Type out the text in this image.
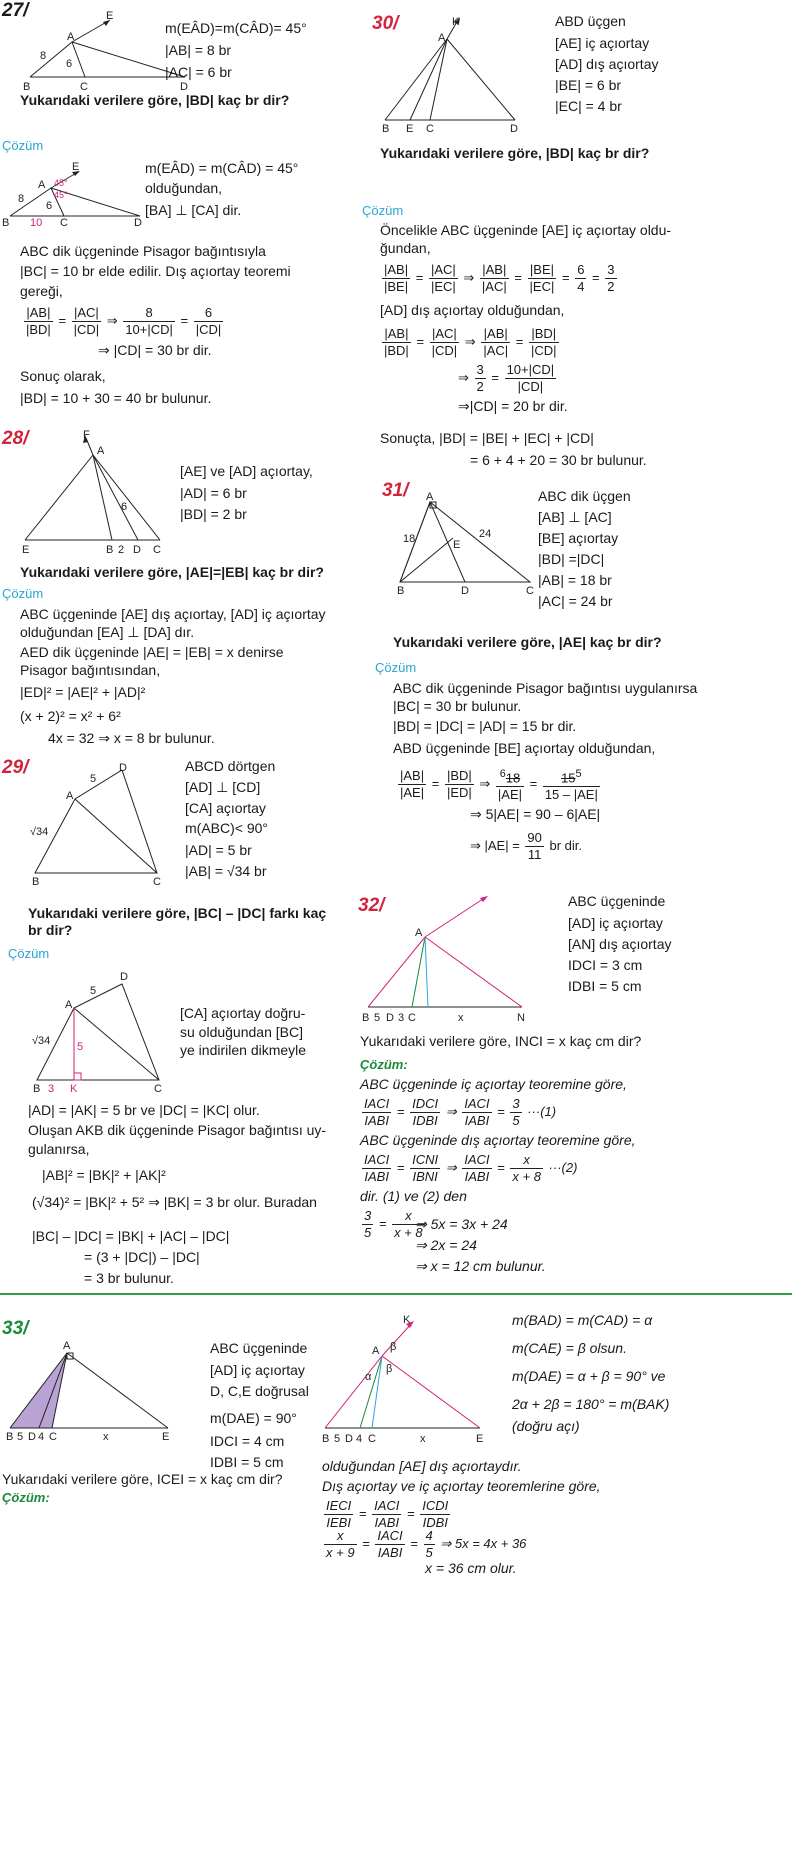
27/
A
B	C	D
E
8
6
m(EÂD)=m(CÂD)= 45°
|AB| = 8 br
|AC| = 6 br
Yukarıdaki verilere göre, |BD| kaç br dir?
Çözüm
A
B	C	D
E
8
6
10
45°
45°
m(EÂD) = m(CÂD) = 45°
olduğundan,
[BA] ⊥ [CA] dir.
ABC dik üçgeninde Pisagor bağıntısıyla
|BC| = 10 br elde edilir. Dış açıortay teoremi
gereği,
$\frac{|AB|}{|BD|} = \frac{|AC|}{|CD|}$ ⇒ $\frac{8}{10+|CD|} = \frac{6}{|CD|}$
⇒ |CD| = 30 br dir.
Sonuç olarak,
|BD| = 10 + 30 = 40 br bulunur.
28/	F
A
E	B 2 D C
6
[AE] ve [AD] açıortay,
|AD| = 6 br
|BD| = 2 br
Yukarıdaki verilere göre, |AE|=|EB| kaç br dir?
Çözüm
ABC üçgeninde [AE] dış açıortay, [AD] iç açıortay
olduğundan [EA] ⊥ [DA] dır.
AED dik üçgeninde |AE| = |EB| = x denirse
Pisagor bağıntısından,
|ED|² = |AE|² + |AD|²
(x + 2)² = x² + 6²
4x = 32 ⇒ x = 8 br bulunur.
29/
A
B	C
D
5
√34
ABCD dörtgen
[AD] ⊥ [CD]
[CA] açıortay
m(ABC)< 90°
|AD| = 5 br
|AB| = √34 br
Yukarıdaki verilere göre, |BC| – |DC| farkı kaç
br dir?
Çözüm
A
B	C
D
K
5
5
3
√34
[CA] açıortay doğru-
su olduğundan [BC]
ye indirilen dikmeyle
|AD| = |AK| = 5 br ve |DC| = |KC| olur.
Oluşan AKB dik üçgeninde Pisagor bağıntısı uy-
gulanırsa,
|AB|² = |BK|² + |AK|²
(√34)² = |BK|² + 5² ⇒ |BK| = 3 br olur. Buradan
|BC| – |DC| = |BK| + |AC| – |DC|
= (3 + |DC|) – |DC|
= 3 br bulunur.
30/	K
A
B E C	D
ABD üçgen
[AE] iç açıortay
[AD] dış açıortay
|BE| = 6 br
|EC| = 4 br
Yukarıdaki verilere göre, |BD| kaç br dir?
Çözüm
Öncelikle ABC üçgeninde [AE] iç açıortay oldu-
ğundan,
$\frac{|AB|}{|BE|} = \frac{|AC|}{|EC|}$ ⇒ $\frac{|AB|}{|AC|} = \frac{|BE|}{|EC|} = \frac{6}{4} = \frac{3}{2}$
[AD] dış açıortay olduğundan,
$\frac{|AB|}{|BD|} = \frac{|AC|}{|CD|}$ ⇒ $\frac{|AB|}{|AC|} = \frac{|BD|}{|CD|}$
⇒ $\frac{3}{2} = \frac{10+|CD|}{|CD|}$
⇒|CD| = 20 br dir.
Sonuçta, |BD| = |BE| + |EC| + |CD|
= 6 + 4 + 20 = 30 br bulunur.
31/ A
B	C
D
E
18	24
ABC dik üçgen
[AB] ⊥ [AC]
[BE] açıortay
|BD| =|DC|
|AB| = 18 br
|AC| = 24 br
Yukarıdaki verilere göre, |AE| kaç br dir?
Çözüm
ABC dik üçgeninde Pisagor bağıntısı uygulanırsa
|BC| = 30 br bulunur.
|BD| = |DC| = |AD| = 15 br dir.
ABD üçgeninde [BE] açıortay olduğundan,
$\frac{|AB|}{|AE|} = \frac{|BD|}{|ED|}$ ⇒ $\frac{^618}{|AE|} = \frac{15^5}{15 - |AE|}$
⇒ 5|AE| = 90 – 6|AE|
⇒ $|AE| = \frac{90}{11}$ br dir.
32/
A
B 5 D 3 C	x	N
ABC üçgeninde
[AD] iç açıortay
[AN] dış açıortay
IDCI = 3 cm
IDBI = 5 cm
Yukarıdaki verilere göre, INCI = x kaç cm dir?
Çözüm:
ABC üçgeninde iç açıortay teoremine göre,
IACI
IABI
=
IDCI
IDBI
⇒
IACI
IABI
= $\frac{3}{5} \cdot\cdot\cdot(1)$
ABC üçgeninde dış açıortay teoremine göre,
IACI
IABI
=
ICNI
IBNI
⇒
IACI
IABI
= $\frac{x}{x + 8} \cdot\cdot\cdot(2)$
dir. (1) ve (2) den
$\frac{3}{5} = \frac{x}{x + 8}$
⇒ 5x = 3x + 24
⇒ 2x = 24
⇒ x = 12 cm bulunur.
33/
A
B 5 D 4 C	x	E
ABC üçgeninde
[AD] iç açıortay
D, C,E doğrusal
m(DAE) = 90°
IDCI = 4 cm
IDBI = 5 cm
Yukarıdaki verilere göre, ICEI = x kaç cm dir?
Çözüm:
K
A β
β
α
B 5 D 4 C	x	E
m(BAD) = m(CAD) = α
m(CAE) = β olsun.
m(DAE) = α + β = 90° ve
2α + 2β = 180° = m(BAK)
(doğru açı)
olduğundan [AE] dış açıortaydır.
Dış açıortay ve iç açıortay teoremlerine göre,
IECI
IEBI
=
IACI
IABI
=
ICDI
IDBI
$\frac{x}{x + 9}$ =
IACI
IABI
= $\frac{4}{5}$ ⇒ 5x = 4x + 36
x = 36 cm olur.
